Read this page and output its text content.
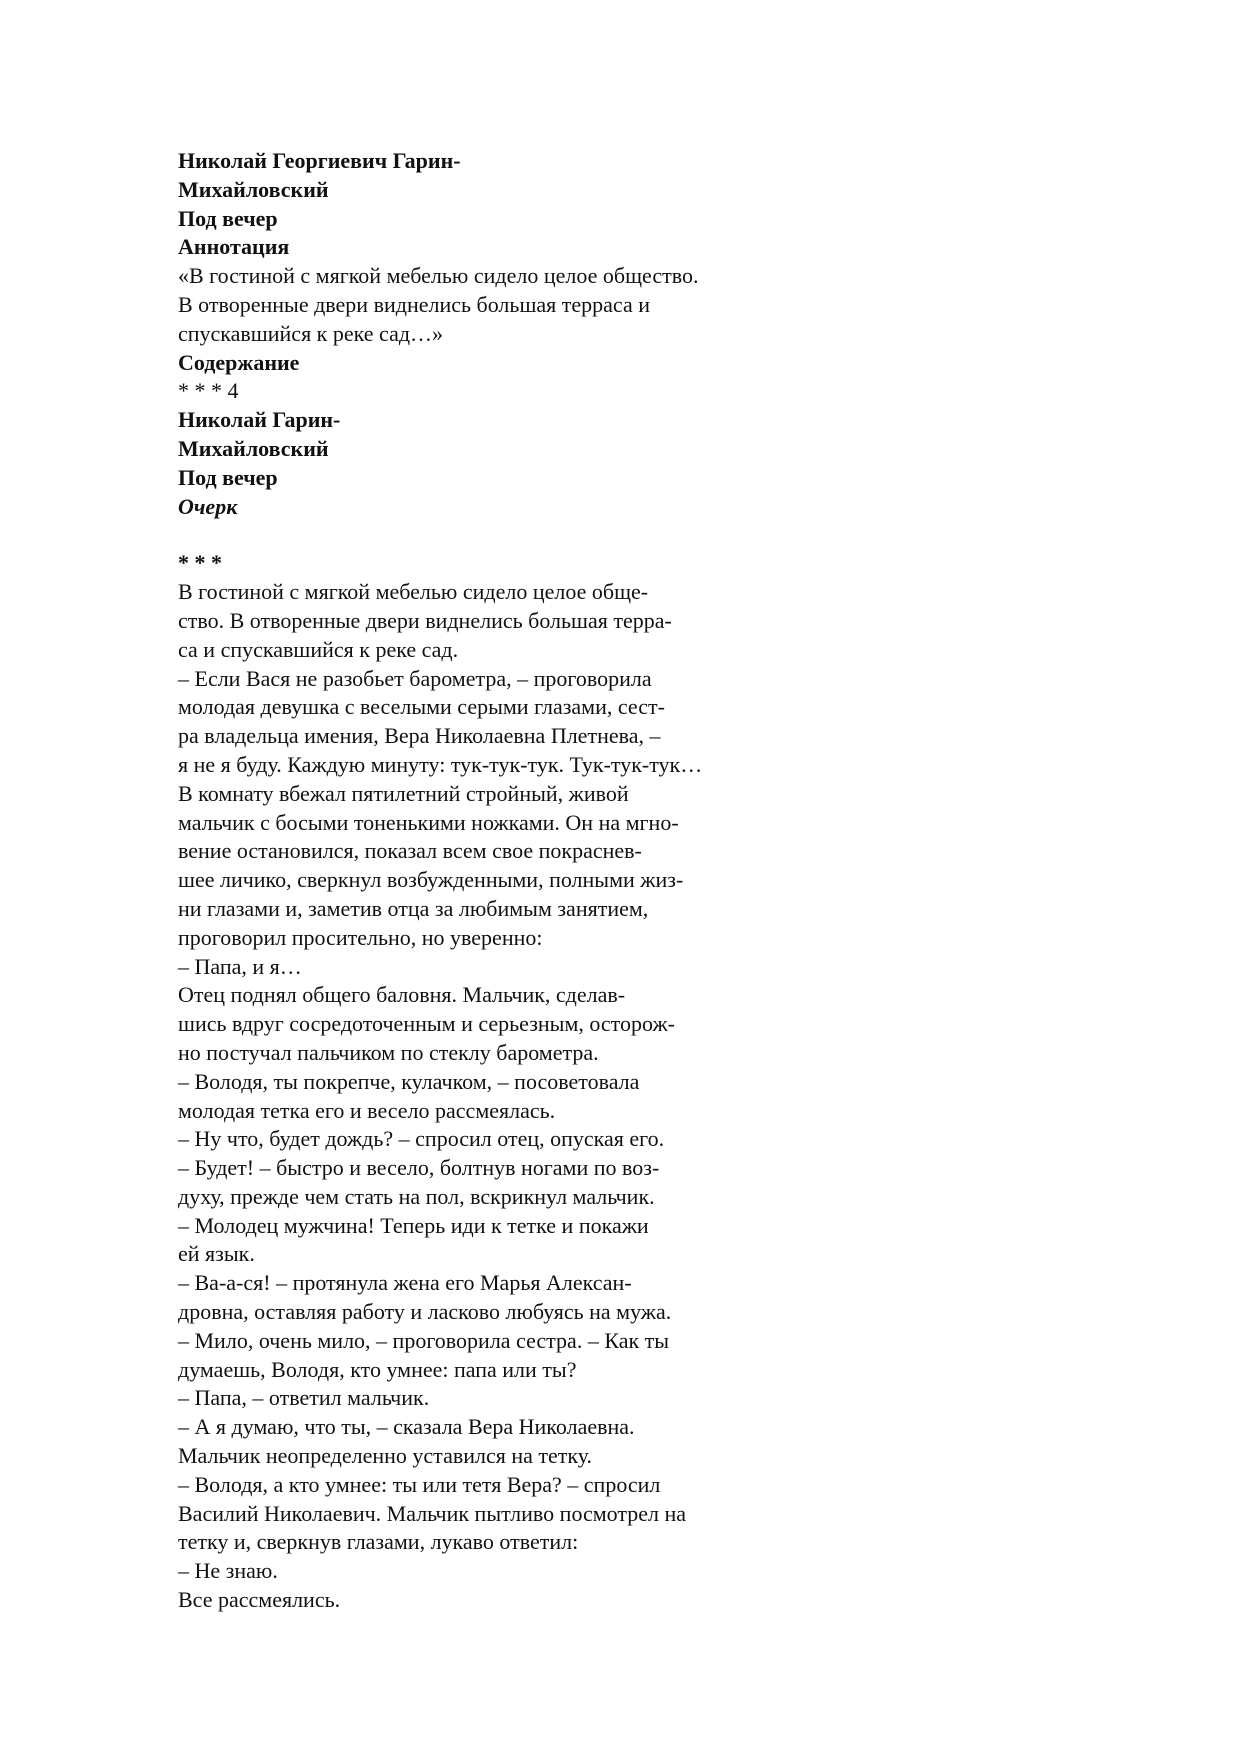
Николай Георгиевич Гарин-
Михайловский
Под вечер
Аннотация
«В гостиной с мягкой мебелью сидело целое общество.
В отворенные двери виднелись большая терраса и
спускавшийся к реке сад…»
Содержание
* * * 4
Николай Гарин-
Михайловский
Под вечер
Очерк
* * *
В гостиной с мягкой мебелью сидело целое обще-
ство. В отворенные двери виднелись большая терра-
са и спускавшийся к реке сад.
– Если Вася не разобьет барометра, – проговорила
молодая девушка с веселыми серыми глазами, сест-
ра владельца имения, Вера Николаевна Плетнева, –
я не я буду. Каждую минуту: тук-тук-тук. Тук-тук-тук…
В комнату вбежал пятилетний стройный, живой
мальчик с босыми тоненькими ножками. Он на мгно-
вение остановился, показал всем свое покраснев-
шее личико, сверкнул возбужденными, полными жиз-
ни глазами и, заметив отца за любимым занятием,
проговорил просительно, но уверенно:
– Папа, и я…
Отец поднял общего баловня. Мальчик, сделав-
шись вдруг сосредоточенным и серьезным, осторож-
но постучал пальчиком по стеклу барометра.
– Володя, ты покрепче, кулачком, – посоветовала
молодая тетка его и весело рассмеялась.
– Ну что, будет дождь? – спросил отец, опуская его.
– Будет! – быстро и весело, болтнув ногами по воз-
духу, прежде чем стать на пол, вскрикнул мальчик.
– Молодец мужчина! Теперь иди к тетке и покажи
ей язык.
– Ва-а-ся! – протянула жена его Марья Алексан-
дровна, оставляя работу и ласково любуясь на мужа.
– Мило, очень мило, – проговорила сестра. – Как ты
думаешь, Володя, кто умнее: папа или ты?
– Папа, – ответил мальчик.
– А я думаю, что ты, – сказала Вера Николаевна.
Мальчик неопределенно уставился на тетку.
– Володя, а кто умнее: ты или тетя Вера? – спросил
Василий Николаевич. Мальчик пытливо посмотрел на
тетку и, сверкнув глазами, лукаво ответил:
– Не знаю.
Все рассмеялись.
